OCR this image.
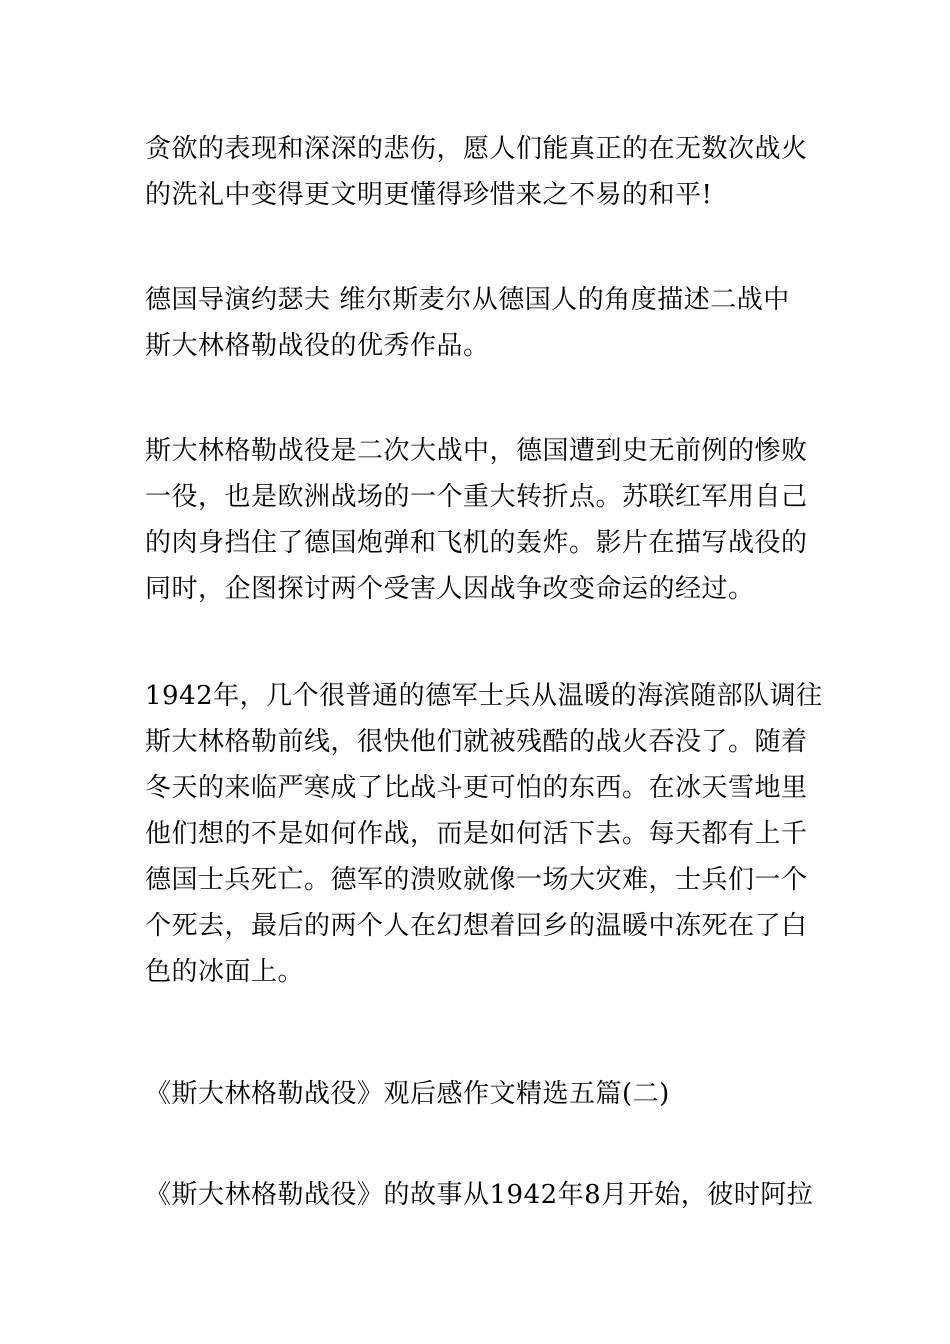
贪欲的表现和深深的悲伤，愿人们能真正的在无数次战火
的洗礼中变得更文明更懂得珍惜来之不易的和平!

德国导演约瑟夫 维尔斯麦尔从德国人的角度描述二战中
斯大林格勒战役的优秀作品。

斯大林格勒战役是二次大战中，德国遭到史无前例的惨败
一役，也是欧洲战场的一个重大转折点。苏联红军用自己
的肉身挡住了德国炮弹和飞机的轰炸。影片在描写战役的
同时，企图探讨两个受害人因战争改变命运的经过。

1942年，几个很普通的德军士兵从温暖的海滨随部队调往
斯大林格勒前线，很快他们就被残酷的战火吞没了。随着
冬天的来临严寒成了比战斗更可怕的东西。在冰天雪地里
他们想的不是如何作战，而是如何活下去。每天都有上千
德国士兵死亡。德军的溃败就像一场大灾难，士兵们一个
个死去，最后的两个人在幻想着回乡的温暖中冻死在了白
色的冰面上。

《斯大林格勒战役》观后感作文精选五篇(二)

《斯大林格勒战役》的故事从1942年8月开始，彼时阿拉
